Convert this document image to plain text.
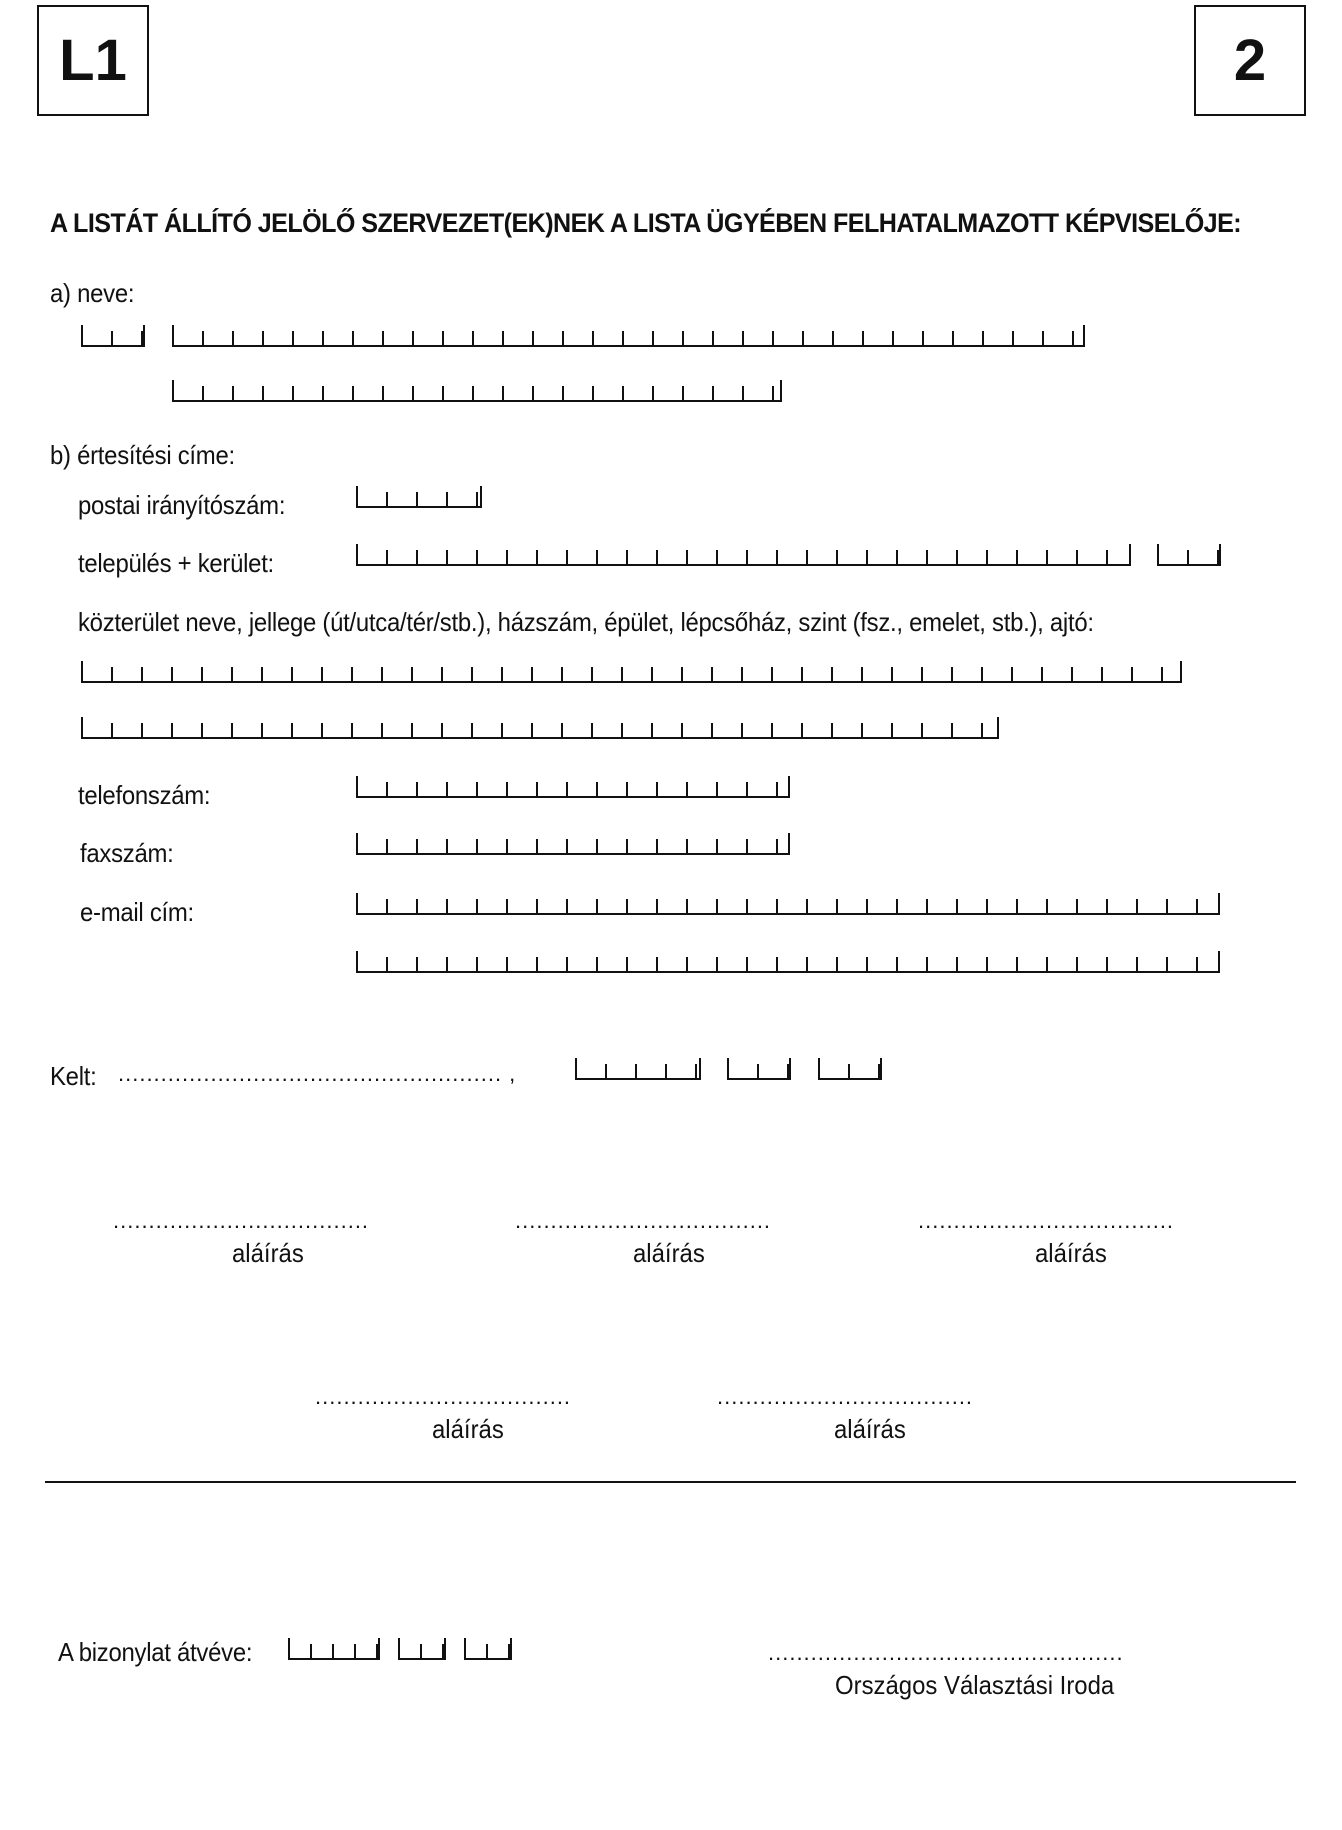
L1	2
A LISTÁT ÁLLÍTÓ JELÖLŐ SZERVEZET(EK)NEK A LISTA ÜGYÉBEN FELHATALMAZOTT KÉPVISELŐJE:
a) neve:
b) értesítési címe:
postai irányítószám:
település + kerület:
közterület neve, jellege (út/utca/tér/stb.), házszám, épület, lépcsőház, szint (fsz., emelet, stb.), ajtó:
telefonszám:
faxszám:
e-mail cím:
Kelt: ...................................................... ,
....................................
aláírás
....................................
aláírás
....................................
aláírás
....................................
aláírás
....................................
aláírás
A bizonylat átvéve:	..................................................
Országos Választási Iroda
